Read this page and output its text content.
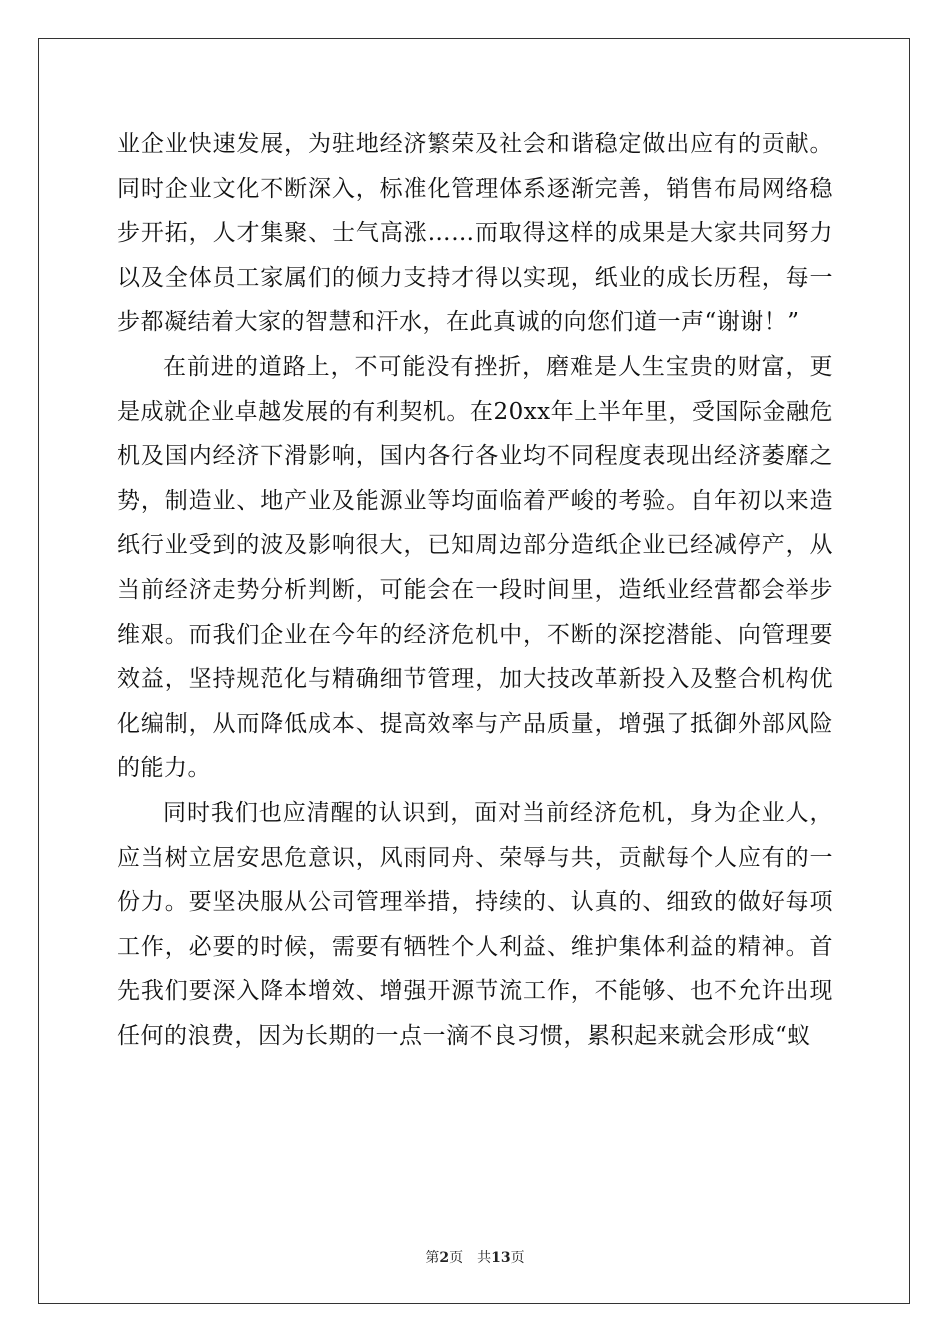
业企业快速发展，为驻地经济繁荣及社会和谐稳定做出应有的贡献。同时企业文化不断深入，标准化管理体系逐渐完善，销售布局网络稳步开拓，人才集聚、士气高涨……而取得这样的成果是大家共同努力以及全体员工家属们的倾力支持才得以实现，纸业的成长历程，每一步都凝结着大家的智慧和汗水，在此真诚的向您们道一声“谢谢！”

在前进的道路上，不可能没有挫折，磨难是人生宝贵的财富，更是成就企业卓越发展的有利契机。在20xx年上半年里，受国际金融危机及国内经济下滑影响，国内各行各业均不同程度表现出经济萎靡之势，制造业、地产业及能源业等均面临着严峻的考验。自年初以来造纸行业受到的波及影响很大，已知周边部分造纸企业已经减停产，从当前经济走势分析判断，可能会在一段时间里，造纸业经营都会举步维艰。而我们企业在今年的经济危机中，不断的深挖潜能、向管理要效益，坚持规范化与精确细节管理，加大技改革新投入及整合机构优化编制，从而降低成本、提高效率与产品质量，增强了抵御外部风险的能力。

同时我们也应清醒的认识到，面对当前经济危机，身为企业人，应当树立居安思危意识，风雨同舟、荣辱与共，贡献每个人应有的一份力。要坚决服从公司管理举措，持续的、认真的、细致的做好每项工作，必要的时候，需要有牺牲个人利益、维护集体利益的精神。首先我们要深入降本增效、增强开源节流工作，不能够、也不允许出现任何的浪费，因为长期的一点一滴不良习惯，累积起来就会形成“蚁

第2页 共13页
